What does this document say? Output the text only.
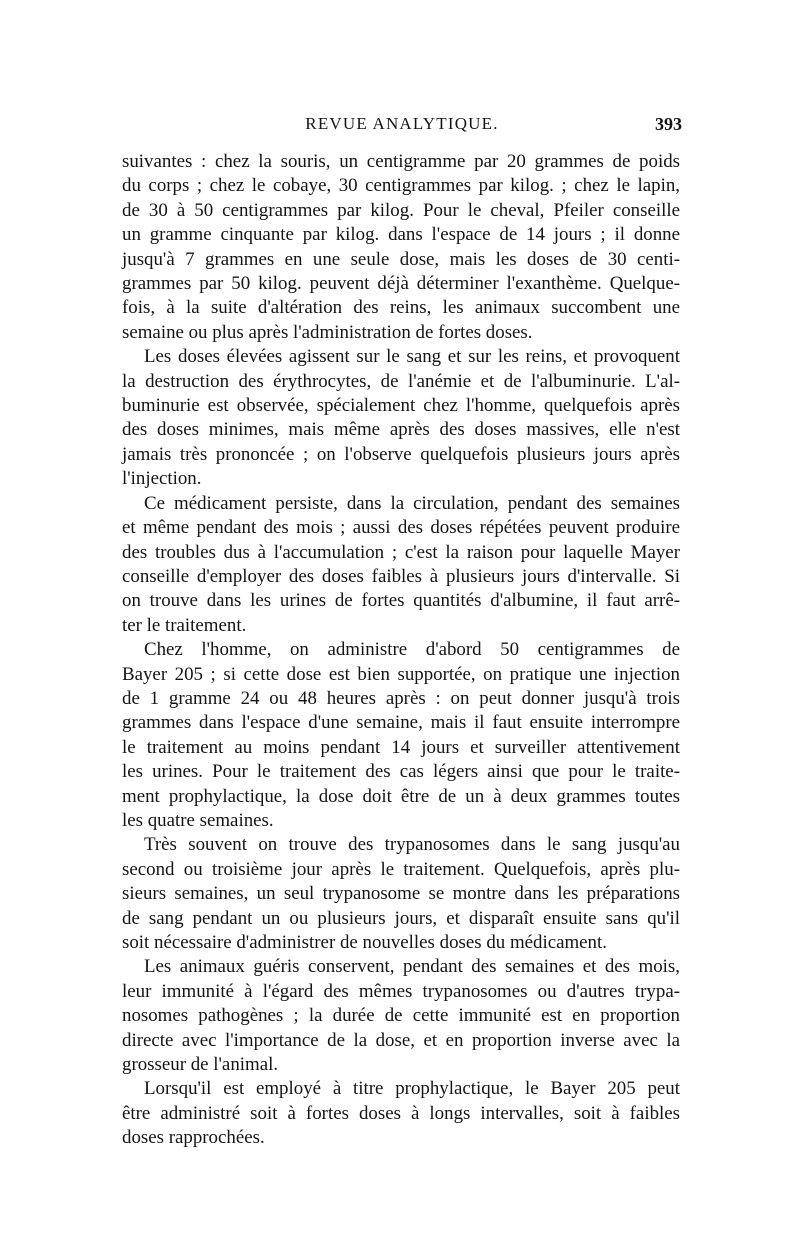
REVUE ANALYTIQUE.	393
suivantes : chez la souris, un centigramme par 20 grammes de poids
du corps ; chez le cobaye, 30 centigrammes par kilog. ; chez le lapin,
de 30 à 50 centigrammes par kilog. Pour le cheval, Pfeiler conseille
un gramme cinquante par kilog. dans l'espace de 14 jours ; il donne
jusqu'à 7 grammes en une seule dose, mais les doses de 30 centi-
grammes par 50 kilog. peuvent déjà déterminer l'exanthème. Quelque-
fois, à la suite d'altération des reins, les animaux succombent une
semaine ou plus après l'administration de fortes doses.
Les doses élevées agissent sur le sang et sur les reins, et provoquent
la destruction des érythrocytes, de l'anémie et de l'albuminurie. L'al-
buminurie est observée, spécialement chez l'homme, quelquefois après
des doses minimes, mais même après des doses massives, elle n'est
jamais très prononcée ; on l'observe quelquefois plusieurs jours après
l'injection.
Ce médicament persiste, dans la circulation, pendant des semaines
et même pendant des mois ; aussi des doses répétées peuvent produire
des troubles dus à l'accumulation ; c'est la raison pour laquelle Mayer
conseille d'employer des doses faibles à plusieurs jours d'intervalle. Si
on trouve dans les urines de fortes quantités d'albumine, il faut arrê-
ter le traitement.
Chez l'homme, on administre d'abord 50 centigrammes de
Bayer 205 ; si cette dose est bien supportée, on pratique une injection
de 1 gramme 24 ou 48 heures après : on peut donner jusqu'à trois
grammes dans l'espace d'une semaine, mais il faut ensuite interrompre
le traitement au moins pendant 14 jours et surveiller attentivement
les urines. Pour le traitement des cas légers ainsi que pour le traite-
ment prophylactique, la dose doit être de un à deux grammes toutes
les quatre semaines.
Très souvent on trouve des trypanosomes dans le sang jusqu'au
second ou troisième jour après le traitement. Quelquefois, après plu-
sieurs semaines, un seul trypanosome se montre dans les préparations
de sang pendant un ou plusieurs jours, et disparaît ensuite sans qu'il
soit nécessaire d'administrer de nouvelles doses du médicament.
Les animaux guéris conservent, pendant des semaines et des mois,
leur immunité à l'égard des mêmes trypanosomes ou d'autres trypa-
nosomes pathogènes ; la durée de cette immunité est en proportion
directe avec l'importance de la dose, et en proportion inverse avec la
grosseur de l'animal.
Lorsqu'il est employé à titre prophylactique, le Bayer 205 peut
être administré soit à fortes doses à longs intervalles, soit à faibles
doses rapprochées.
